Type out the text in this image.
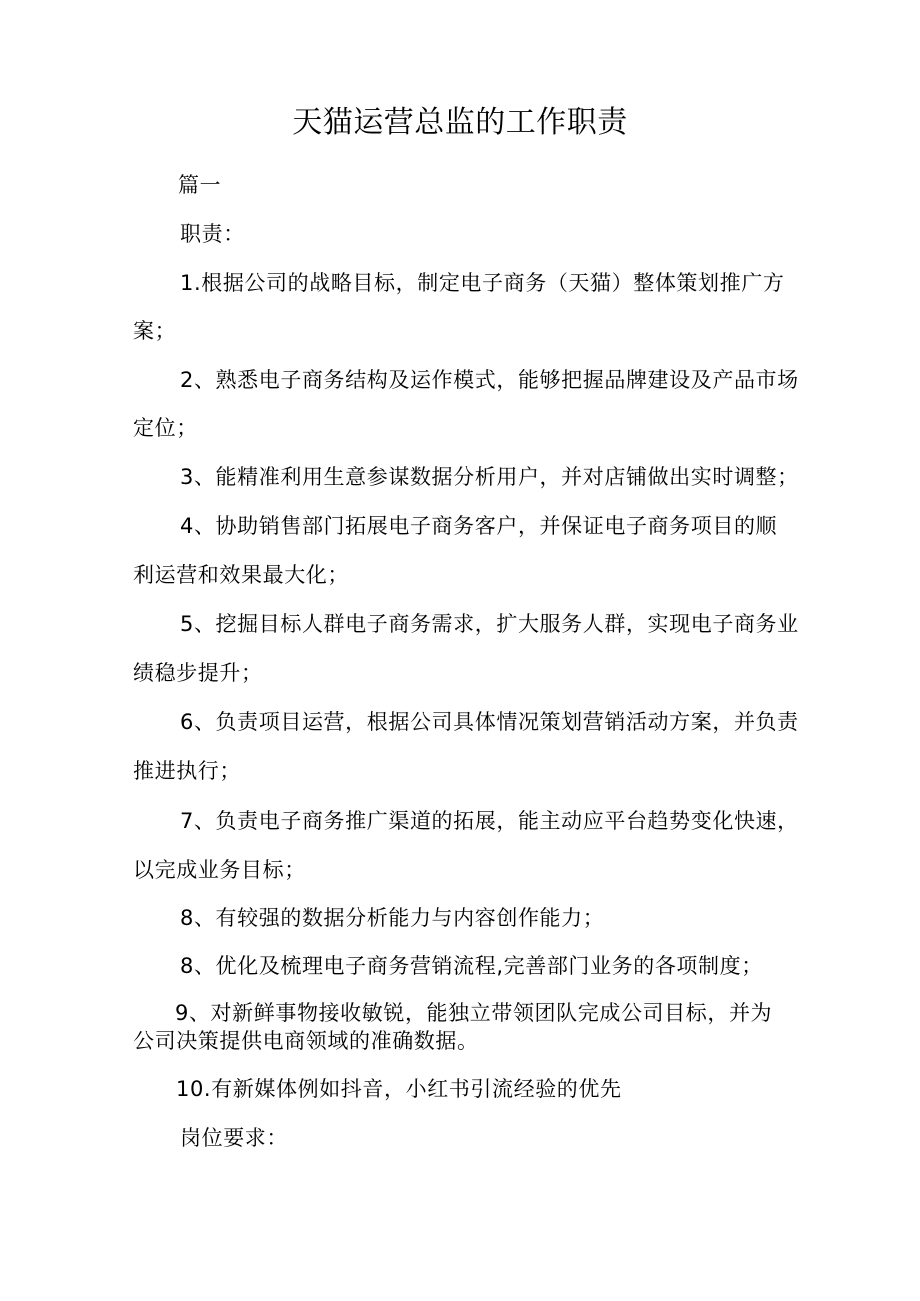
天猫运营总监的工作职责
篇一
职责：
1.根据公司的战略目标，制定电子商务（天猫）整体策划推广方
案；
2、熟悉电子商务结构及运作模式，能够把握品牌建设及产品市场
定位；
3、能精准利用生意参谋数据分析用户，并对店铺做出实时调整；
4、协助销售部门拓展电子商务客户，并保证电子商务项目的顺
利运营和效果最大化；
5、挖掘目标人群电子商务需求，扩大服务人群，实现电子商务业
绩稳步提升；
6、负责项目运营，根据公司具体情况策划营销活动方案，并负责
推进执行；
7、负责电子商务推广渠道的拓展，能主动应平台趋势变化快速，
以完成业务目标；
8、有较强的数据分析能力与内容创作能力；
8、优化及梳理电子商务营销流程,完善部门业务的各项制度；
9、对新鲜事物接收敏锐，能独立带领团队完成公司目标，并为
公司决策提供电商领域的准确数据。
10.有新媒体例如抖音，小红书引流经验的优先
岗位要求：
